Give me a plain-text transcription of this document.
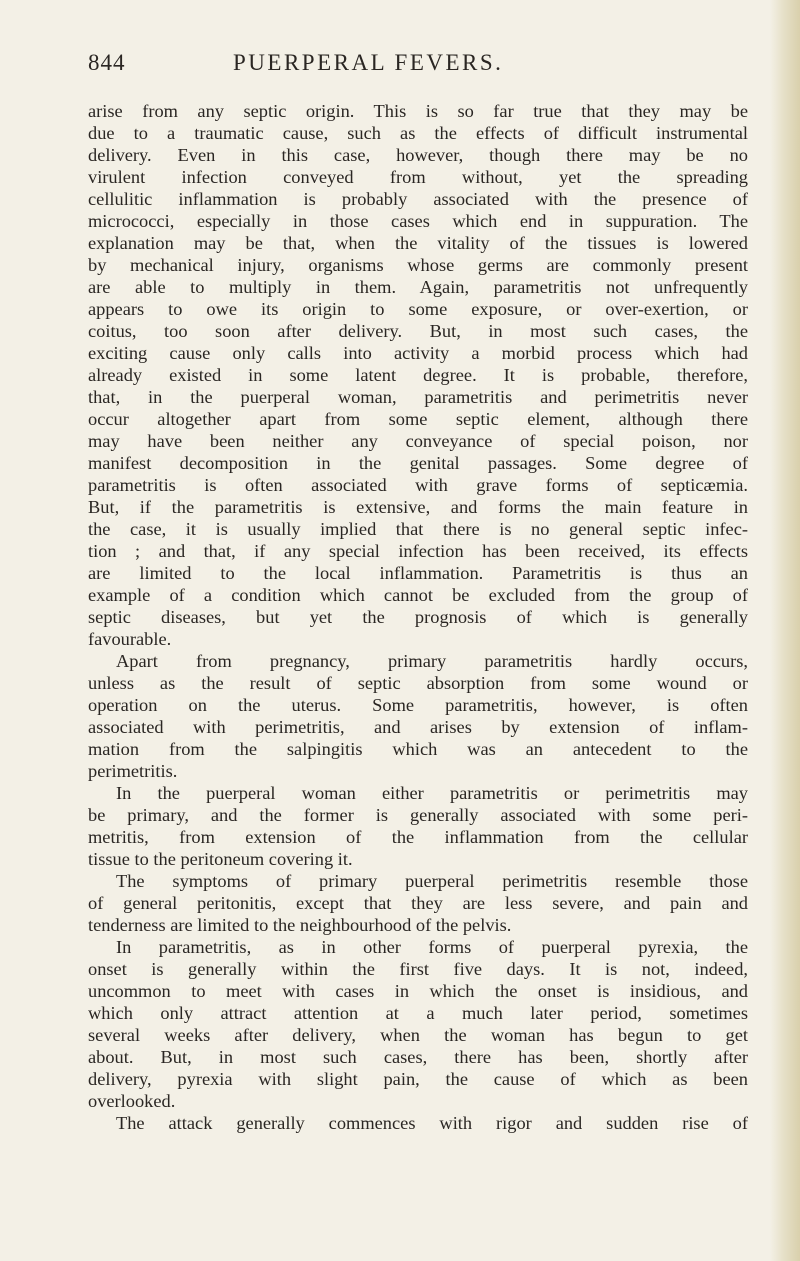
844	PUERPERAL FEVERS.
arise from any septic origin. This is so far true that they may be
due to a traumatic cause, such as the effects of difficult instrumental
delivery. Even in this case, however, though there may be no
virulent infection conveyed from without, yet the spreading
cellulitic inflammation is probably associated with the presence of
micrococci, especially in those cases which end in suppuration. The
explanation may be that, when the vitality of the tissues is lowered
by mechanical injury, organisms whose germs are commonly present
are able to multiply in them. Again, parametritis not unfrequently
appears to owe its origin to some exposure, or over-exertion, or
coitus, too soon after delivery. But, in most such cases, the
exciting cause only calls into activity a morbid process which had
already existed in some latent degree. It is probable, therefore,
that, in the puerperal woman, parametritis and perimetritis never
occur altogether apart from some septic element, although there
may have been neither any conveyance of special poison, nor
manifest decomposition in the genital passages. Some degree of
parametritis is often associated with grave forms of septicæmia.
But, if the parametritis is extensive, and forms the main feature in
the case, it is usually implied that there is no general septic infec-
tion ; and that, if any special infection has been received, its effects
are limited to the local inflammation. Parametritis is thus an
example of a condition which cannot be excluded from the group of
septic diseases, but yet the prognosis of which is generally
favourable.
Apart from pregnancy, primary parametritis hardly occurs,
unless as the result of septic absorption from some wound or
operation on the uterus. Some parametritis, however, is often
associated with perimetritis, and arises by extension of inflam-
mation from the salpingitis which was an antecedent to the
perimetritis.
In the puerperal woman either parametritis or perimetritis may
be primary, and the former is generally associated with some peri-
metritis, from extension of the inflammation from the cellular
tissue to the peritoneum covering it.
The symptoms of primary puerperal perimetritis resemble those
of general peritonitis, except that they are less severe, and pain and
tenderness are limited to the neighbourhood of the pelvis.
In parametritis, as in other forms of puerperal pyrexia, the
onset is generally within the first five days. It is not, indeed,
uncommon to meet with cases in which the onset is insidious, and
which only attract attention at a much later period, sometimes
several weeks after delivery, when the woman has begun to get
about. But, in most such cases, there has been, shortly after
delivery, pyrexia with slight pain, the cause of which as been
overlooked.
The attack generally commences with rigor and sudden rise of
